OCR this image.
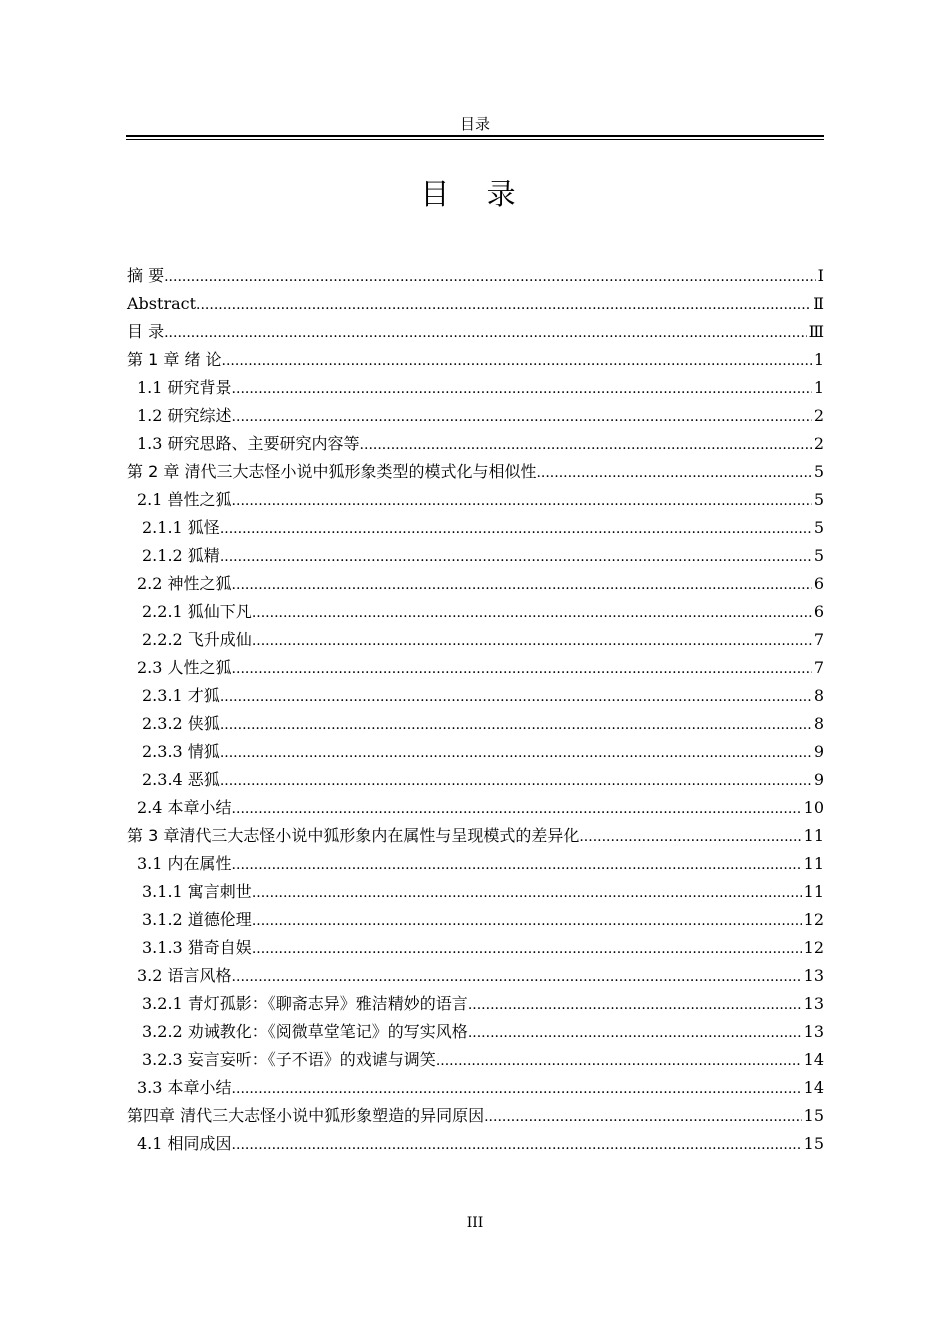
目录
目 录
摘 要 .....	Ⅰ
Abstract .....	Ⅱ
目 录 .....	Ⅲ
第 1 章 绪 论 .....	1
1.1 研究背景 .....	1
1.2 研究综述 .....	2
1.3 研究思路、主要研究内容等 .....	2
第 2 章 清代三大志怪小说中狐形象类型的模式化与相似性 .....	5
2.1 兽性之狐 .....	5
2.1.1 狐怪 .....	5
2.1.2 狐精 .....	5
2.2 神性之狐 .....	6
2.2.1 狐仙下凡 .....	6
2.2.2 飞升成仙 .....	7
2.3 人性之狐 .....	7
2.3.1 才狐 .....	8
2.3.2 侠狐 .....	8
2.3.3 情狐 .....	9
2.3.4 恶狐 .....	9
2.4 本章小结 .....	10
第 3 章清代三大志怪小说中狐形象内在属性与呈现模式的差异化 .....	11
3.1 内在属性 .....	11
3.1.1 寓言刺世 .....	11
3.1.2 道德伦理 .....	12
3.1.3 猎奇自娱 .....	12
3.2 语言风格 .....	13
3.2.1 青灯孤影：《聊斋志异》雅洁精妙的语言 .....	13
3.2.2 劝诫教化：《阅微草堂笔记》的写实风格 .....	13
3.2.3 妄言妄听：《子不语》的戏谑与调笑 .....	14
3.3 本章小结 .....	14
第四章 清代三大志怪小说中狐形象塑造的异同原因 .....	15
4.1 相同成因 .....	15
III
